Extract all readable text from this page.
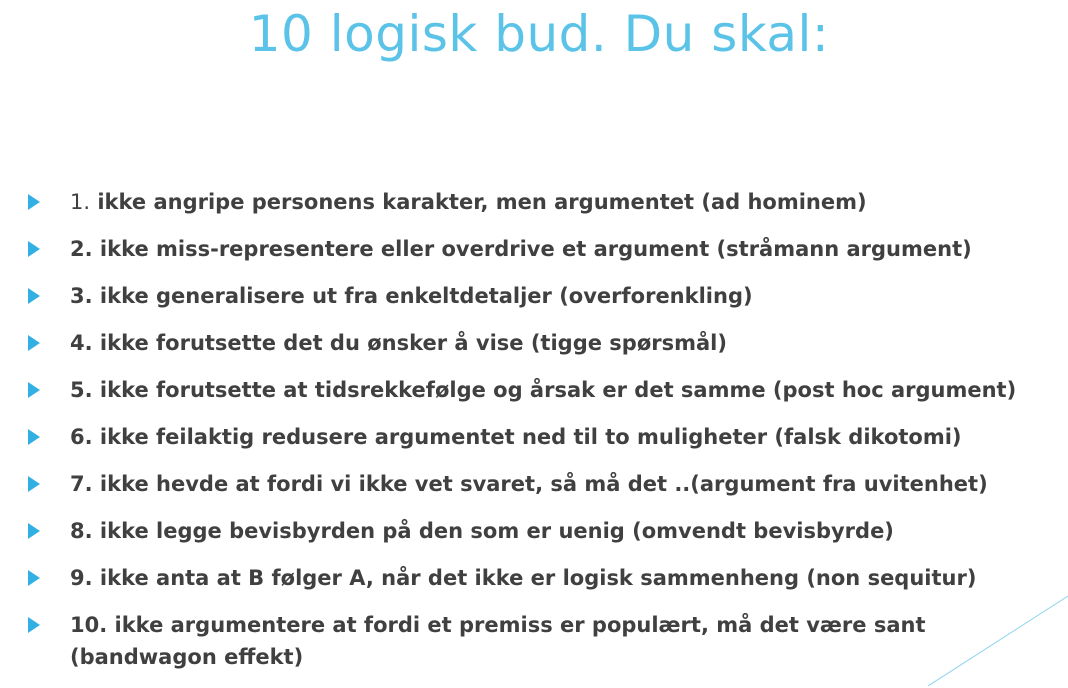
10 logisk bud. Du skal:
1. ikke angripe personens karakter, men argumentet (ad hominem)
2. ikke miss-representere eller overdrive et argument (stråmann argument)
3. ikke generalisere ut fra enkeltdetaljer (overforenkling)
4. ikke forutsette det du ønsker å vise (tigge spørsmål)
5. ikke forutsette at tidsrekkefølge og årsak er det samme (post hoc argument)
6. ikke feilaktig redusere argumentet ned til to muligheter (falsk dikotomi)
7. ikke hevde at fordi vi ikke vet svaret, så må det ..(argument fra uvitenhet)
8. ikke legge bevisbyrden på den som er uenig (omvendt bevisbyrde)
9. ikke anta at B følger A, når det ikke er logisk sammenheng (non sequitur)
10. ikke argumentere at fordi et premiss er populært, må det være sant (bandwagon effekt)
